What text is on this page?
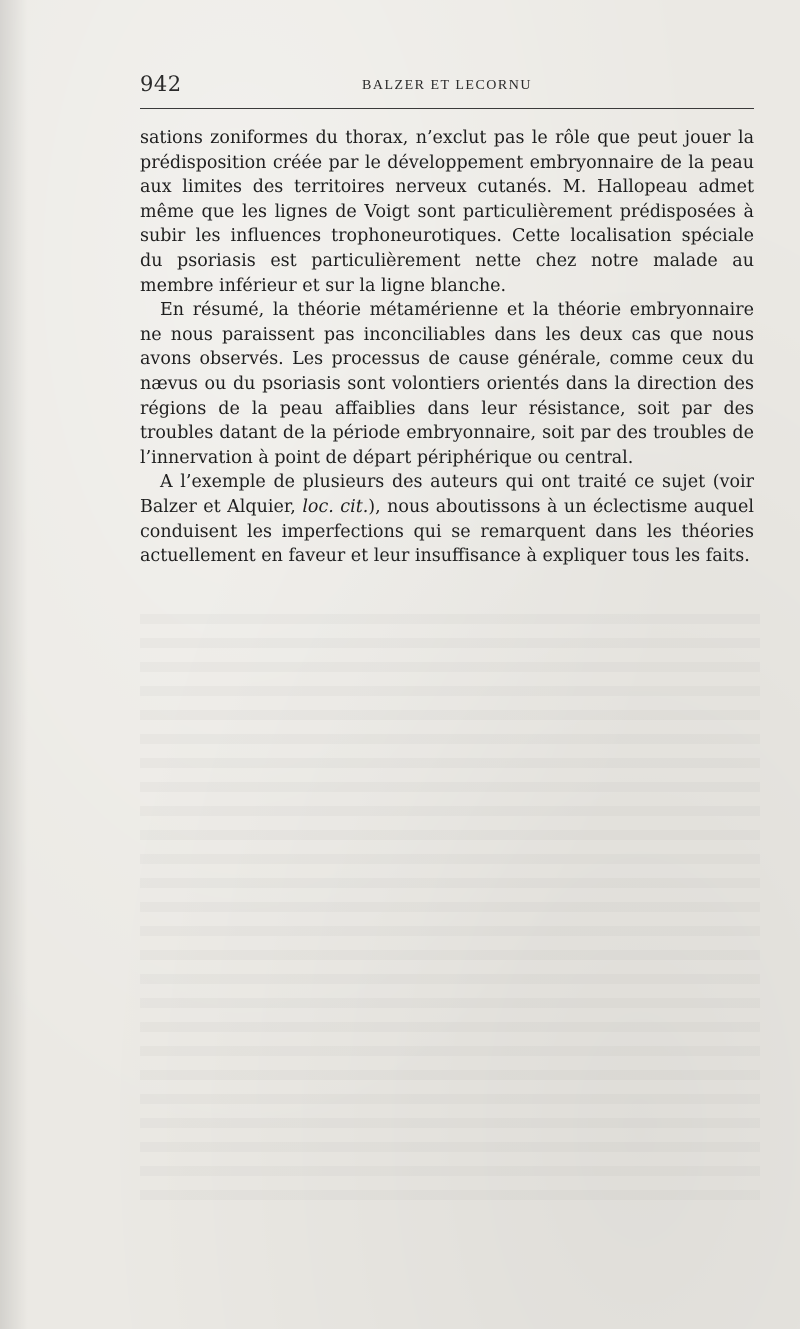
942	BALZER ET LECORNU

sations zoniformes du thorax, n’exclut pas le rôle que peut jouer la prédisposition créée par le développement embryonnaire de la peau aux limites des territoires nerveux cutanés. M. Hallopeau admet même que les lignes de Voigt sont particulièrement prédisposées à subir les influences trophoneurotiques. Cette localisation spéciale du psoriasis est particulièrement nette chez notre malade au membre inférieur et sur la ligne blanche.

En résumé, la théorie métamérienne et la théorie embryonnaire ne nous paraissent pas inconciliables dans les deux cas que nous avons observés. Les processus de cause générale, comme ceux du nævus ou du psoriasis sont volontiers orientés dans la direction des régions de la peau affaiblies dans leur résistance, soit par des troubles datant de la période embryonnaire, soit par des troubles de l’innervation à point de départ périphérique ou central.

A l’exemple de plusieurs des auteurs qui ont traité ce sujet (voir Balzer et Alquier, loc. cit.), nous aboutissons à un éclectisme auquel conduisent les imperfections qui se remarquent dans les théories actuellement en faveur et leur insuffisance à expliquer tous les faits.
